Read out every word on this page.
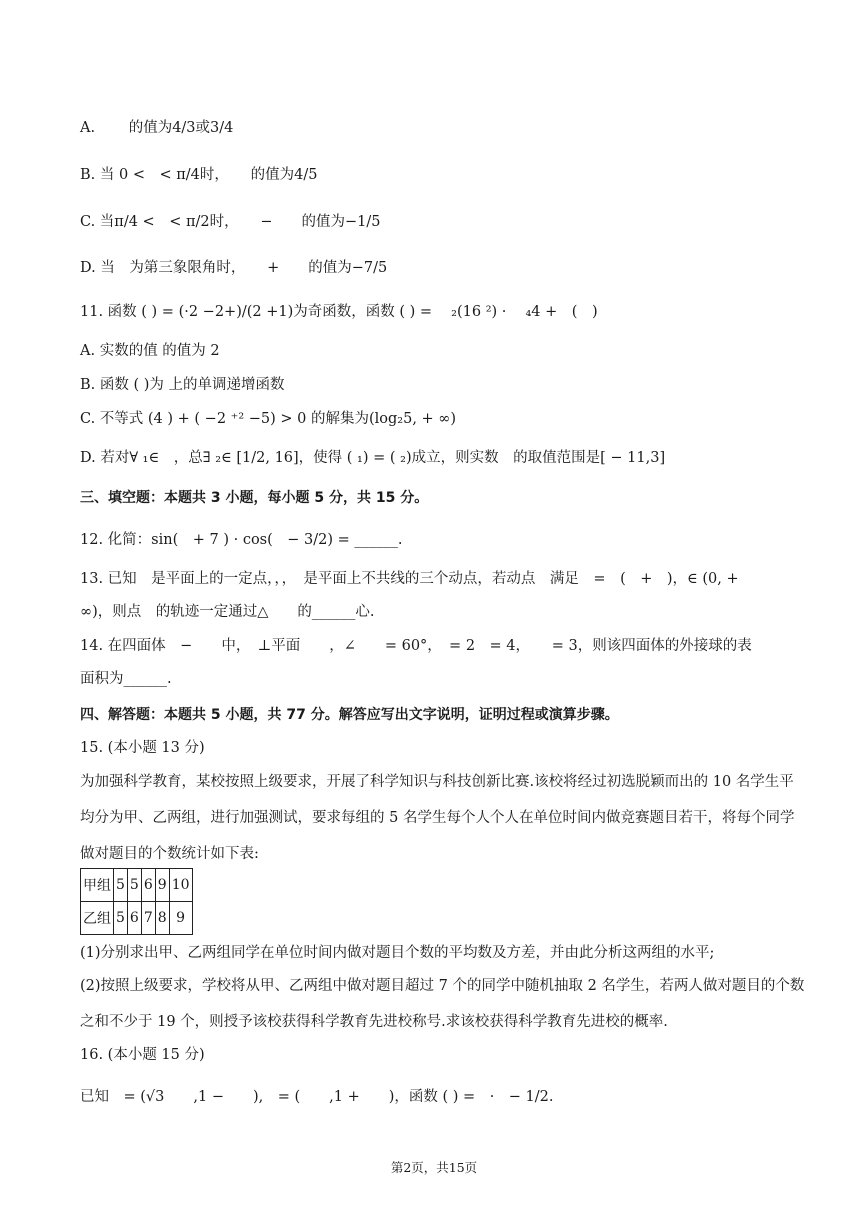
A. 　　的值为4/3或3/4
B. 当 0 <　< π/4时，　　的值为4/5
C. 当π/4 <　< π/2时，　　−　　的值为−1/5
D. 当　为第三象限角时，　　+　　的值为−7/5
11. 函数 ( ) = (·2 −2+)/(2 +1)为奇函数，函数 ( ) =　 ₂(16 ²) ·　 ₄4 +　(　)
A. 实数的值 的值为 2
B. 函数 ( )为 上的单调递增函数
C. 不等式 (4 ) + ( −2 ⁺² −5) > 0 的解集为(log₂5, + ∞)
D. 若对∀ ₁∈　，总∃ ₂∈ [1/2, 16]，使得 ( ₁) = ( ₂)成立，则实数　的取值范围是[ − 11,3]
三、填空题：本题共 3 小题，每小题 5 分，共 15 分。
12. 化简：sin(　+ 7 ) · cos(　− 3/2) = ______.
13. 已知　是平面上的一定点，，，　是平面上不共线的三个动点，若动点　满足　=　(　+　)，∈ (0, +
∞)，则点　的轨迹一定通过△　　的______心.
14. 在四面体　−　　中，　⊥平面　　，∠　　= 60°，　= 2　= 4，　　= 3，则该四面体的外接球的表
面积为______.
四、解答题：本题共 5 小题，共 77 分。解答应写出文字说明，证明过程或演算步骤。
15. (本小题 13 分)
为加强科学教育，某校按照上级要求，开展了科学知识与科技创新比赛.该校将经过初选脱颖而出的 10 名学生平均分为甲、乙两组，进行加强测试，要求每组的 5 名学生每个人个人在单位时间内做竞赛题目若干，将每个同学做对题目的个数统计如下表:
甲组	5	5	6	9	10
乙组	5	6	7	8	9
(1)分别求出甲、乙两组同学在单位时间内做对题目个数的平均数及方差，并由此分析这两组的水平;
(2)按照上级要求，学校将从甲、乙两组中做对题目超过 7 个的同学中随机抽取 2 名学生，若两人做对题目的个数之和不少于 19 个，则授予该校获得科学教育先进校称号.求该校获得科学教育先进校的概率.
16. (本小题 15 分)
已知　= (√3　　,1 −　　),　= (　　,1 +　　)，函数 ( ) =　·　− 1/2.
第2页，共15页
